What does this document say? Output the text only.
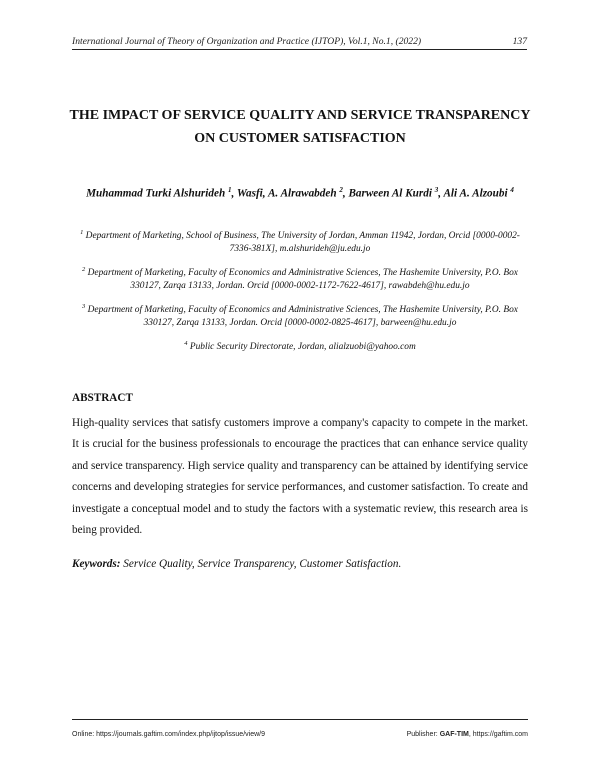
International Journal of Theory of Organization and Practice (IJTOP), Vol.1, No.1, (2022)	137
THE IMPACT OF SERVICE QUALITY AND SERVICE TRANSPARENCY
ON CUSTOMER SATISFACTION
Muhammad Turki Alshurideh $^1$, Wasfi, A. Alrawabdeh $^2$, Barween Al Kurdi $^3$, Ali A. Alzoubi $^4$
$^1$ Department of Marketing, School of Business, The University of Jordan, Amman 11942, Jordan, Orcid [0000-0002-7336-381X], m.alshurideh@ju.edu.jo
$^2$ Department of Marketing, Faculty of Economics and Administrative Sciences, The Hashemite University, P.O. Box 330127, Zarqa 13133, Jordan. Orcid [0000-0002-1172-7622-4617], rawabdeh@hu.edu.jo
$^3$ Department of Marketing, Faculty of Economics and Administrative Sciences, The Hashemite University, P.O. Box 330127, Zarqa 13133, Jordan. Orcid [0000-0002-0825-4617], barween@hu.edu.jo
$^4$ Public Security Directorate, Jordan, alialzuobi@yahoo.com
ABSTRACT
High-quality services that satisfy customers improve a company's capacity to compete in the market. It is crucial for the business professionals to encourage the practices that can enhance service quality and service transparency. High service quality and transparency can be attained by identifying service concerns and developing strategies for service performances, and customer satisfaction. To create and investigate a conceptual model and to study the factors with a systematic review, this research area is being provided.
Keywords: Service Quality, Service Transparency, Customer Satisfaction.
Online: https://journals.gaftim.com/index.php/ijtop/issue/view/9	Publisher: GAF-TIM, https://gaftim.com
